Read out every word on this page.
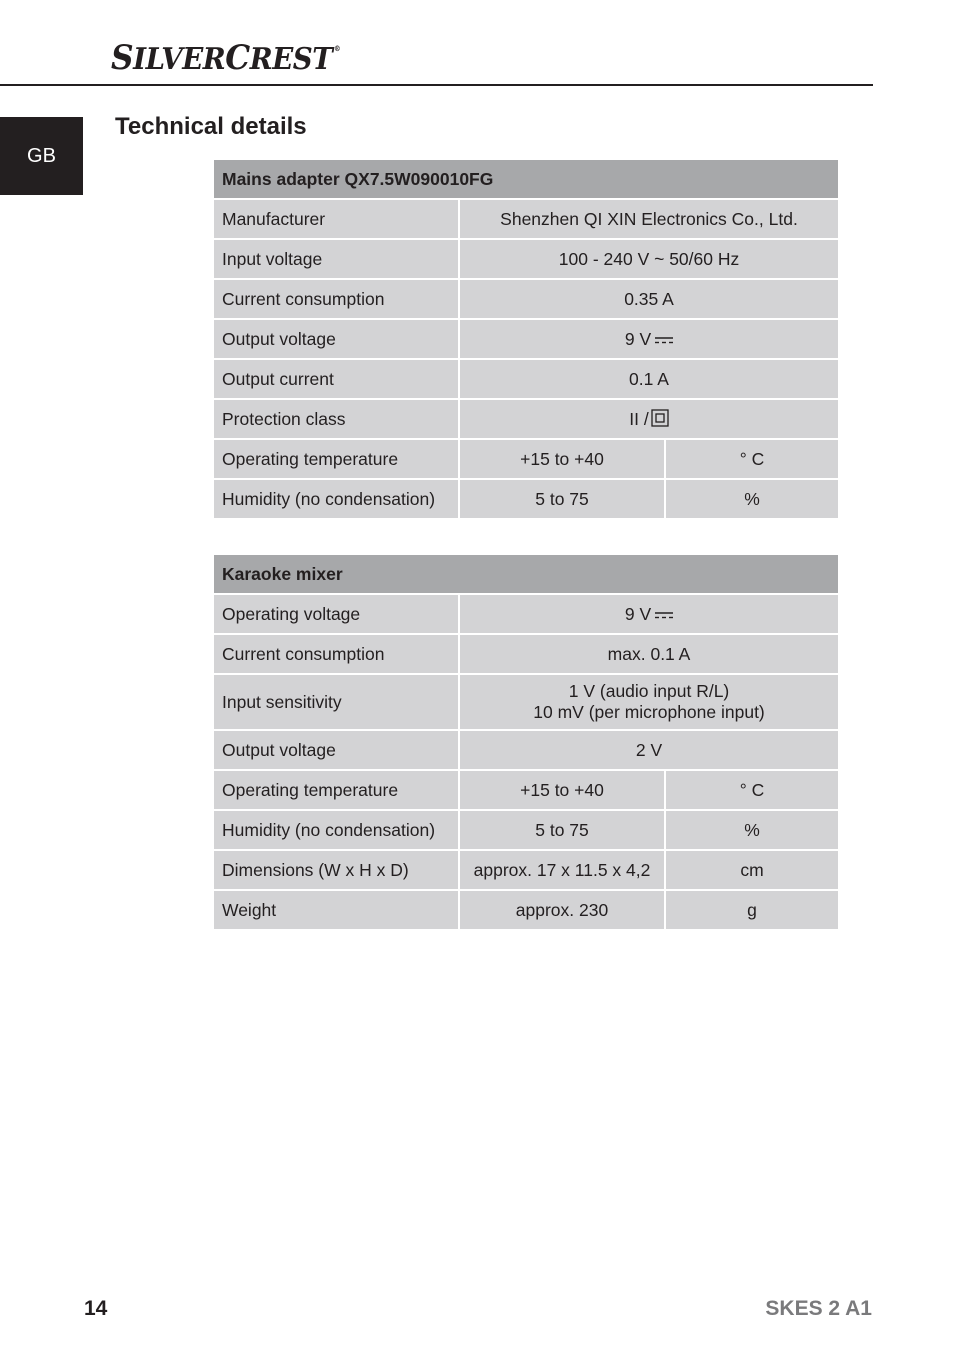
SILVERCREST ®
GB
Technical details
Mains adapter QX7.5W090010FG		
Manufacturer	Shenzhen QI XIN Electronics Co., Ltd.	
Input voltage	100 - 240 V ~ 50/60 Hz	
Current consumption	0.35 A	
Output voltage	9 V	
Output current	0.1 A	
Protection class	II /	
Operating temperature	+15 to +40	° C
Humidity (no condensation)	5 to 75	%
Karaoke mixer		
Operating voltage	9 V	
Current consumption	max. 0.1 A	
Input sensitivity	1 V (audio input R/L)
10 mV (per microphone input)	
Output voltage	2 V	
Operating temperature	+15 to +40	° C
Humidity (no condensation)	5 to 75	%
Dimensions (W x H x D)	approx. 17 x 11.5 x 4,2	cm
Weight	approx. 230	g
14	SKES 2 A1
